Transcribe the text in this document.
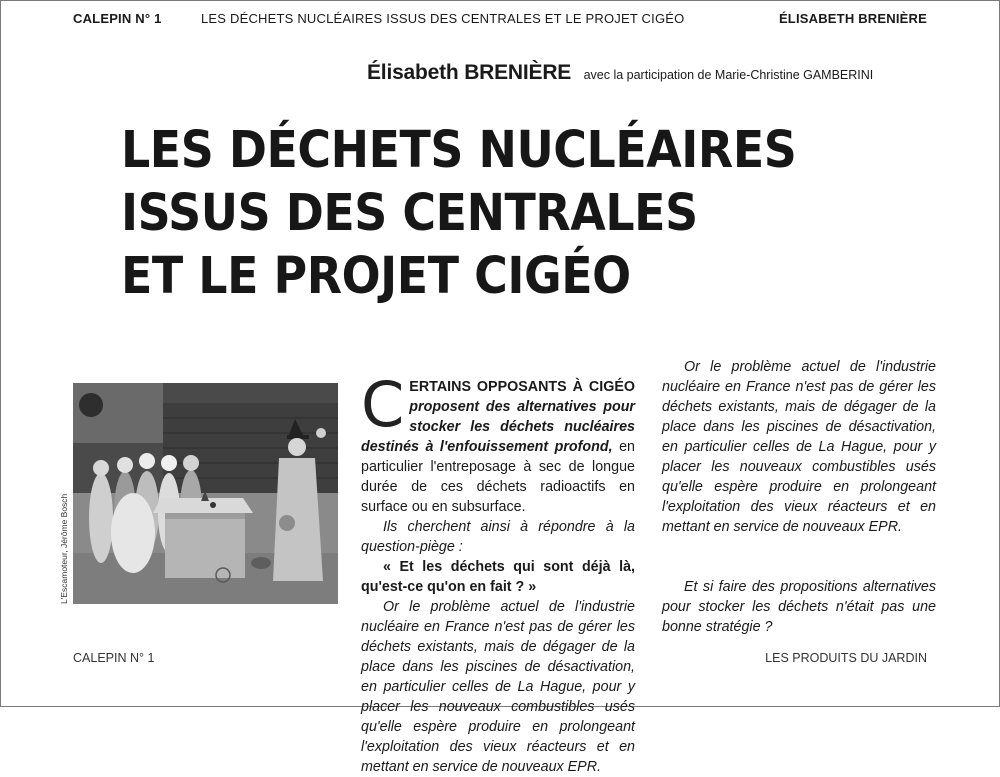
CALEPIN N° 1	LES DÉCHETS NUCLÉAIRES ISSUS DES CENTRALES ET LE PROJET CIGÉO	ÉLISABETH BRENIÈRE
Élisabeth BRENIÈRE avec la participation de Marie-Christine GAMBERINI
LES DÉCHETS NUCLÉAIRES
ISSUS DES CENTRALES
ET LE PROJET CIGÉO
L'Escamoteur, Jérôme Bosch

CERTAINS OPPOSANTS À CIGÉO proposent des alternatives pour stocker les déchets nucléaires destinés à l'enfouissement profond, en particulier l'entreposage à sec de longue durée de ces déchets radioactifs en surface ou en subsurface.

Ils cherchent ainsi à répondre à la question-piège :

« Et les déchets qui sont déjà là, qu'est-ce qu'on en fait ? »

Or le problème actuel de l'industrie nucléaire en France n'est pas de gérer les déchets existants, mais de dégager de la place dans les piscines de désactivation, en particulier celles de La Hague, pour y placer les nouveaux combustibles usés qu'elle espère produire en prolongeant l'exploitation des vieux réacteurs et en mettant en service de nouveaux EPR.

Or le problème actuel de l'industrie nucléaire en France n'est pas de gérer les déchets existants, mais de dégager de la place dans les piscines de désactivation, en particulier celles de La Hague, pour y placer les nouveaux combustibles usés qu'elle espère produire en prolongeant l'exploitation des vieux réacteurs et en mettant en service de nouveaux EPR.

Et si faire des propositions alternatives pour stocker les déchets n'était pas une bonne stratégie ?

CALEPIN N° 1	LES PRODUITS DU JARDIN
